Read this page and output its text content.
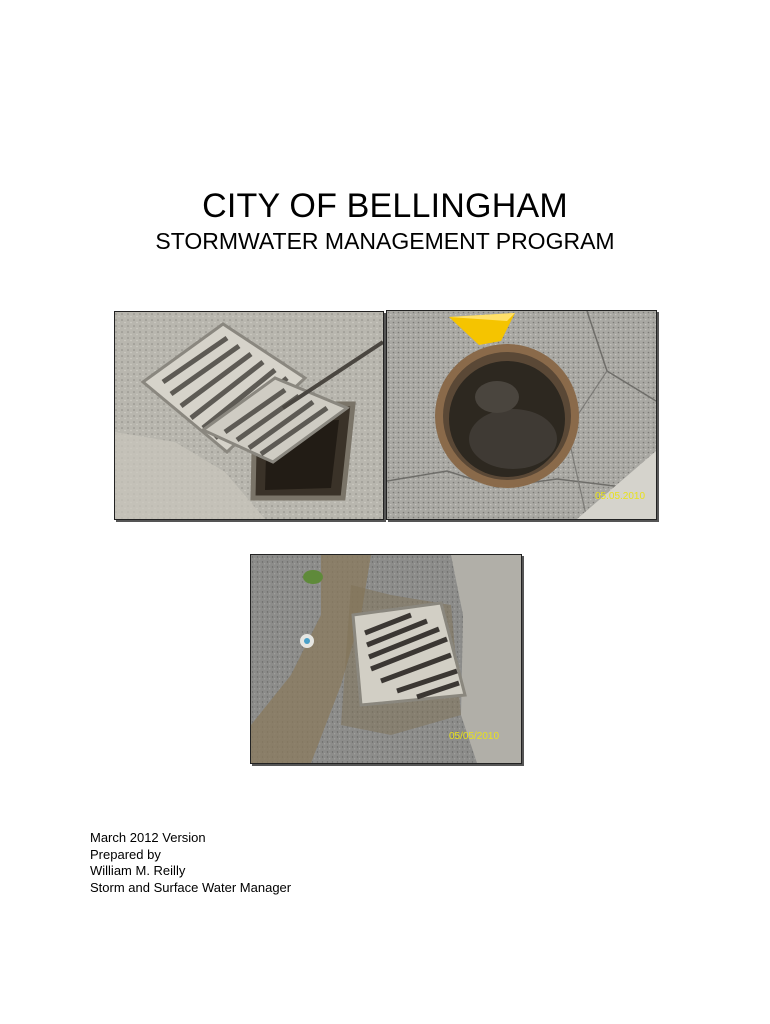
CITY OF BELLINGHAM
STORMWATER MANAGEMENT PROGRAM
05.05.2010
05/05/2010
March 2012 Version
Prepared by
William M. Reilly
Storm and Surface Water Manager
